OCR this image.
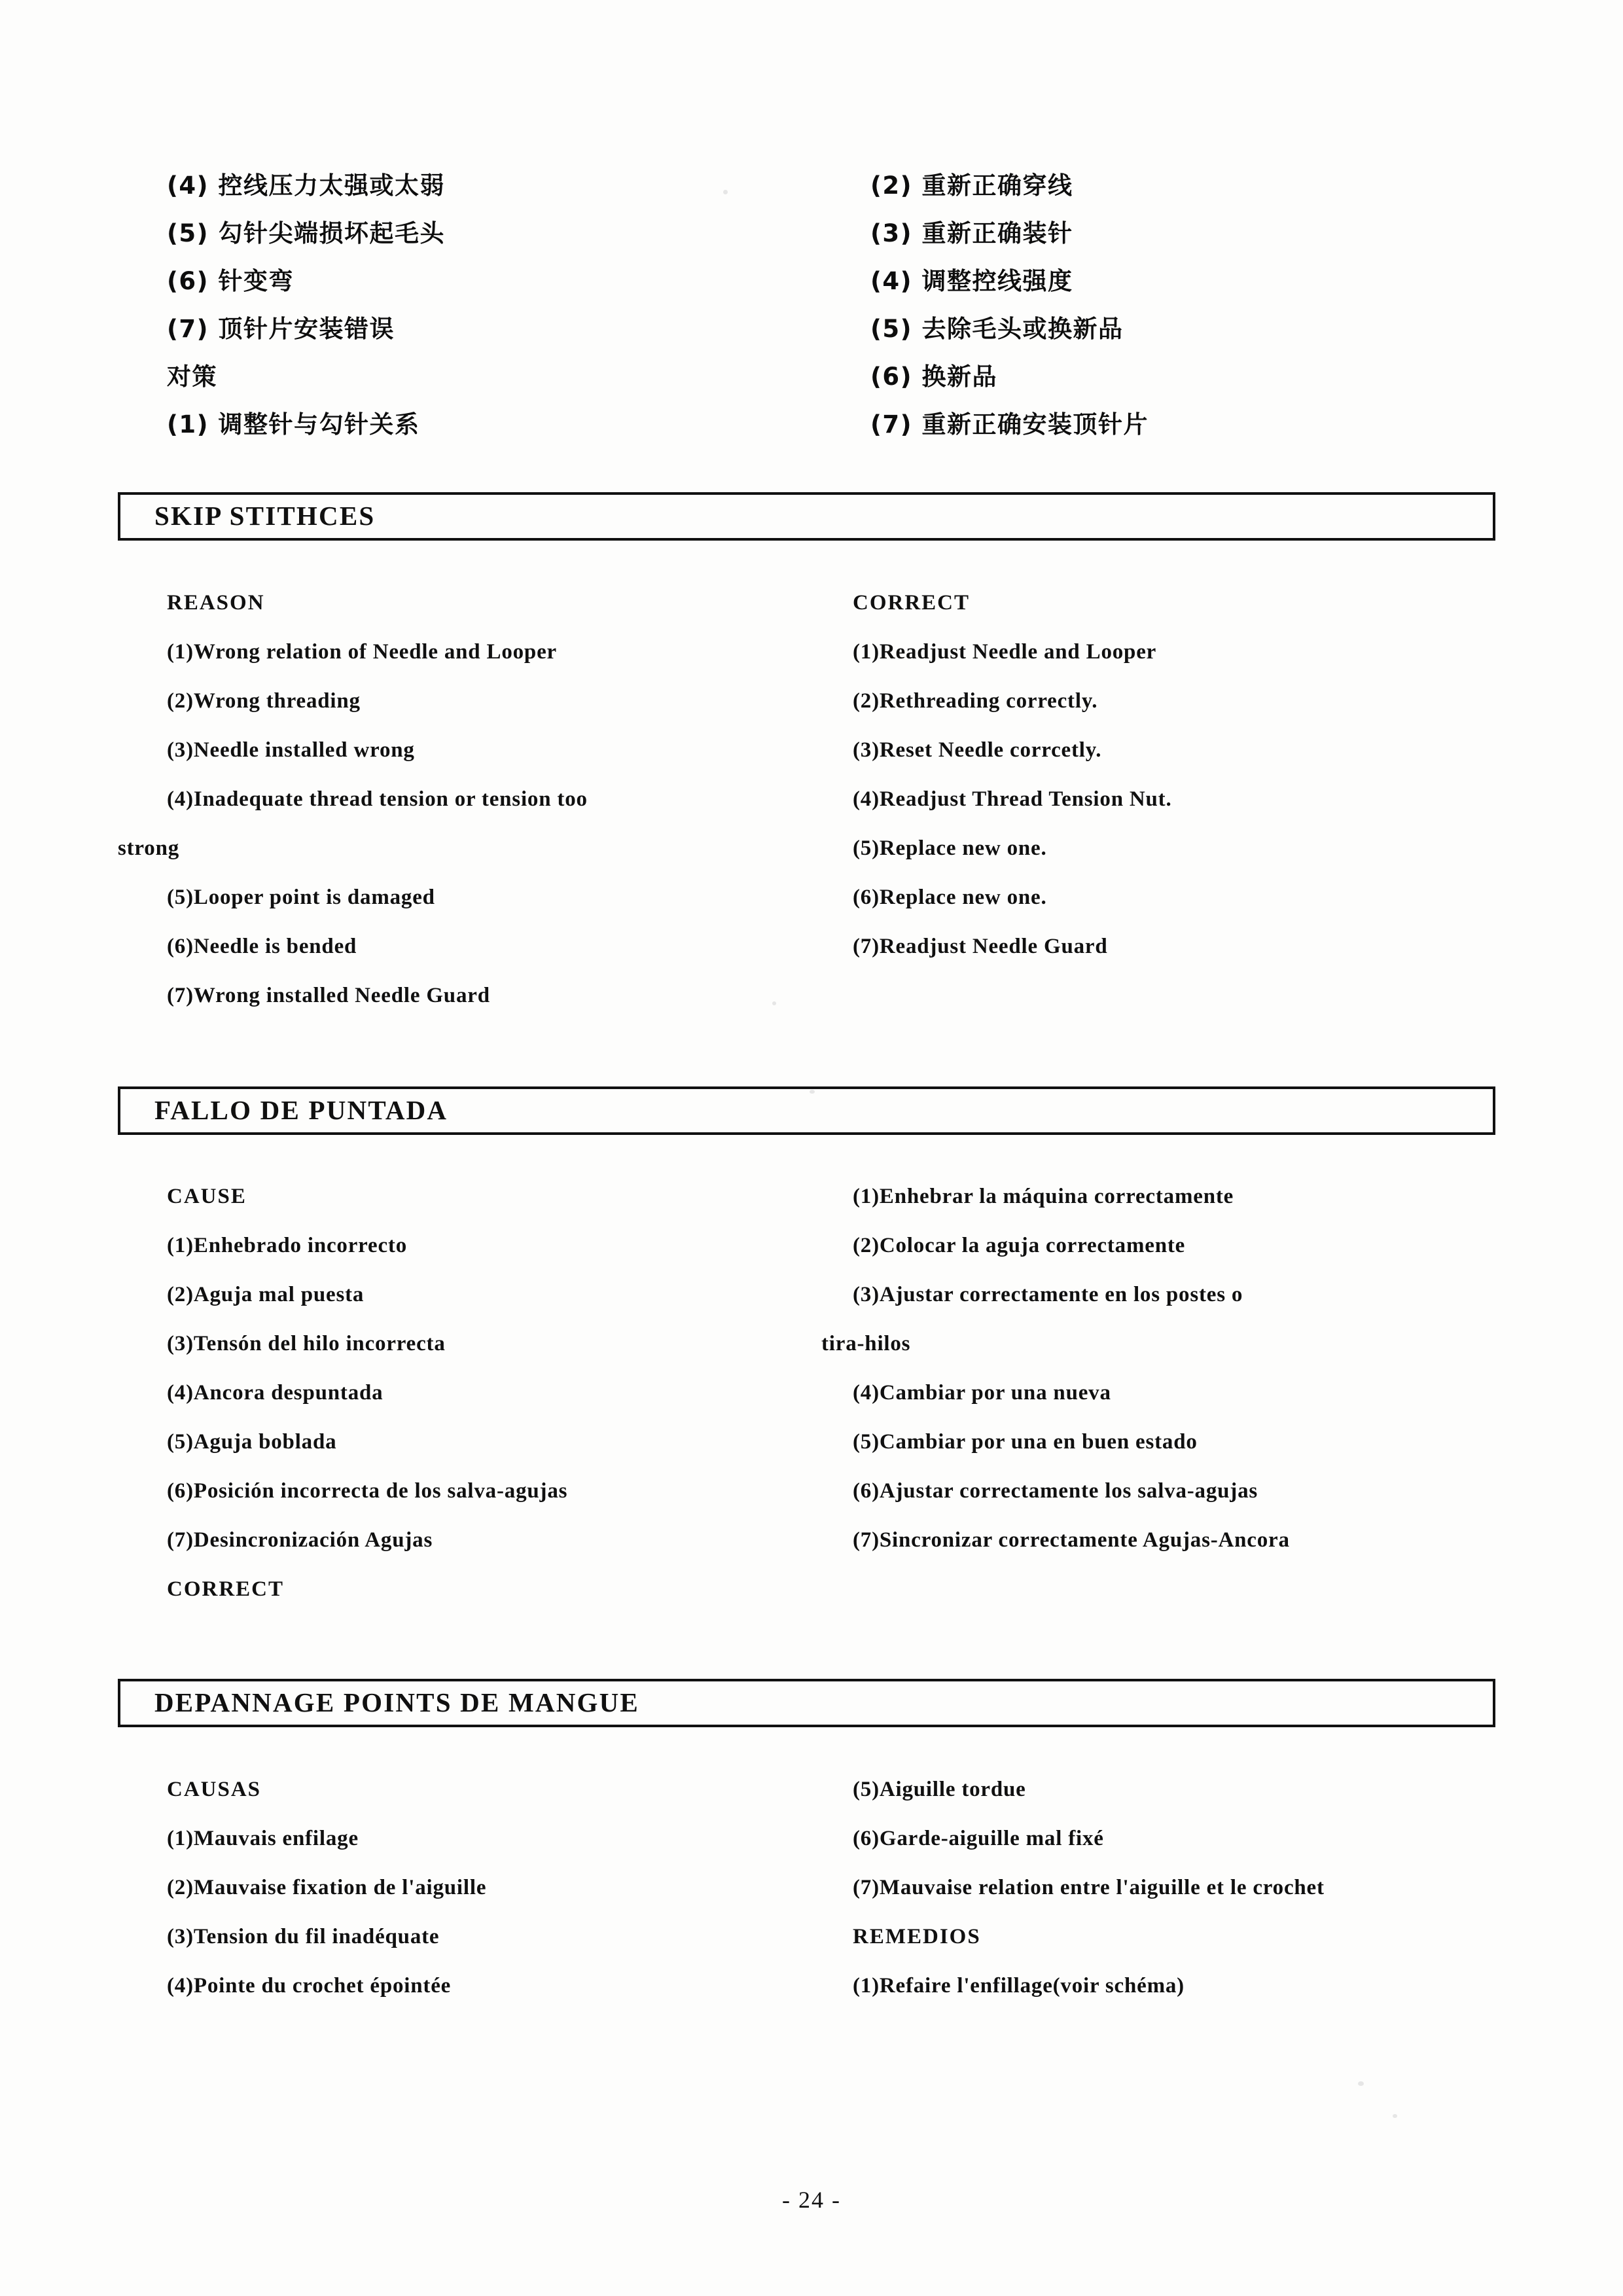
(4) 控线压力太强或太弱
(5) 勾针尖端损坏起毛头
(6) 针变弯
(7) 顶针片安装错误
对策
(1) 调整针与勾针关系
(2) 重新正确穿线
(3) 重新正确装针
(4) 调整控线强度
(5) 去除毛头或换新品
(6) 换新品
(7) 重新正确安装顶针片
SKIP STITHCES
REASON
(1)Wrong relation of Needle and Looper
(2)Wrong threading
(3)Needle installed wrong
(4)Inadequate thread tension or tension too
strong
(5)Looper point is damaged
(6)Needle is bended
(7)Wrong installed Needle Guard
CORRECT
(1)Readjust Needle and Looper
(2)Rethreading correctly.
(3)Reset Needle corrcetly.
(4)Readjust Thread Tension Nut.
(5)Replace new one.
(6)Replace new one.
(7)Readjust Needle Guard
FALLO DE PUNTADA
CAUSE
(1)Enhebrado incorrecto
(2)Aguja mal puesta
(3)Tensón del hilo incorrecta
(4)Ancora despuntada
(5)Aguja boblada
(6)Posición incorrecta de los salva-agujas
(7)Desincronización Agujas
CORRECT
(1)Enhebrar la máquina correctamente
(2)Colocar la aguja correctamente
(3)Ajustar correctamente en los postes o
tira-hilos
(4)Cambiar por una nueva
(5)Cambiar por una en buen estado
(6)Ajustar correctamente los salva-agujas
(7)Sincronizar correctamente Agujas-Ancora
DEPANNAGE POINTS DE MANGUE
CAUSAS
(1)Mauvais enfilage
(2)Mauvaise fixation de l'aiguille
(3)Tension du fil inadéquate
(4)Pointe du crochet épointée
(5)Aiguille tordue
(6)Garde-aiguille mal fixé
(7)Mauvaise relation entre l'aiguille et le crochet
REMEDIOS
(1)Refaire l'enfillage(voir schéma)
- 24 -
